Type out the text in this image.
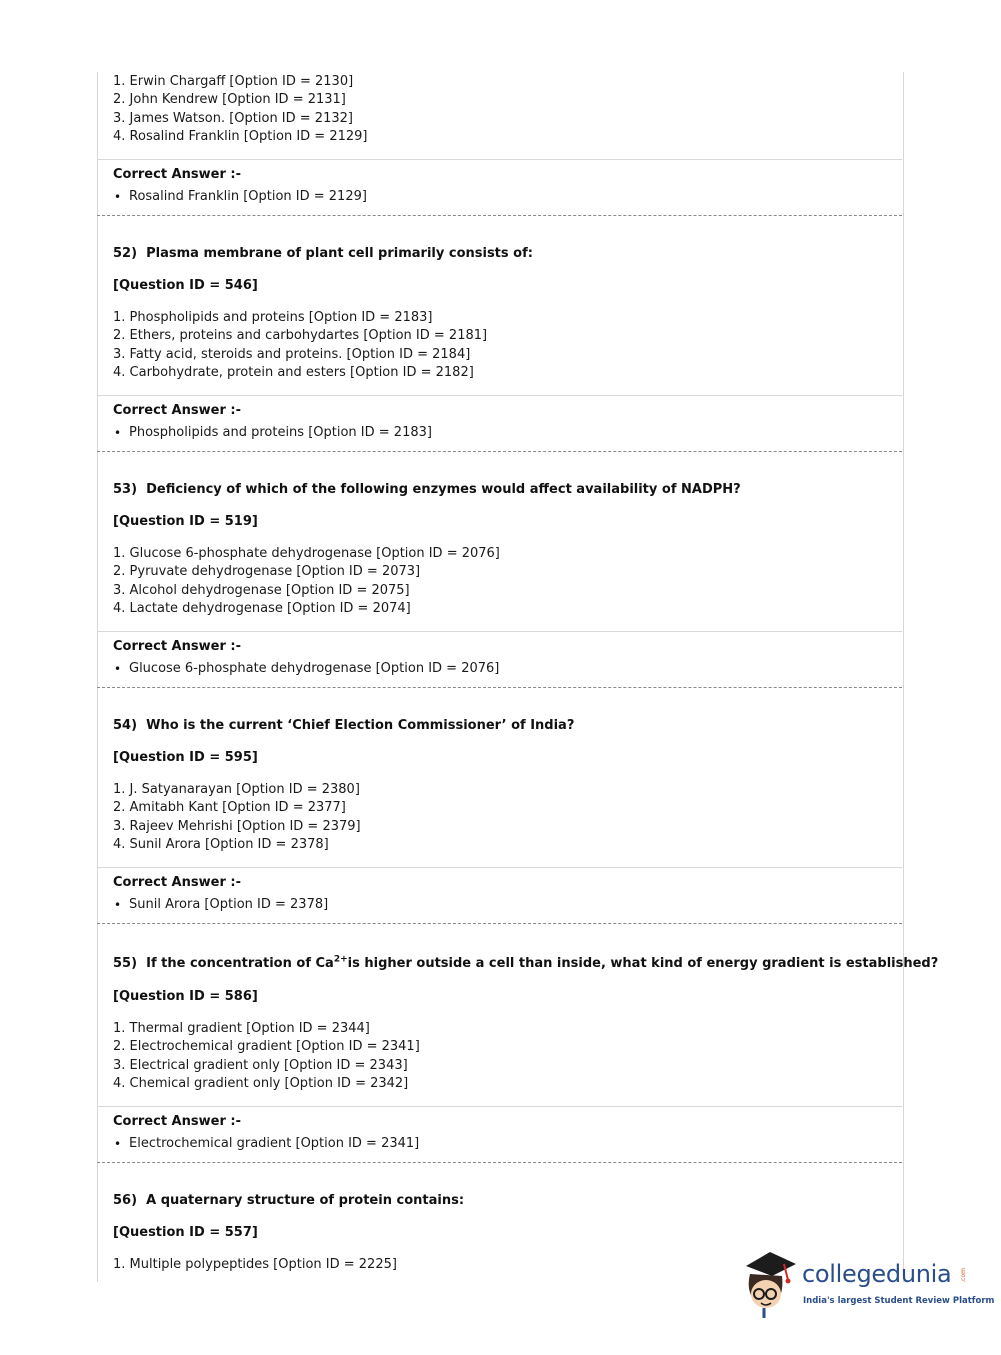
1. Erwin Chargaff [Option ID = 2130]
2. John Kendrew [Option ID = 2131]
3. James Watson. [Option ID = 2132]
4. Rosalind Franklin [Option ID = 2129]
Correct Answer :-
• Rosalind Franklin [Option ID = 2129]
52) Plasma membrane of plant cell primarily consists of:
[Question ID = 546]
1. Phospholipids and proteins [Option ID = 2183]
2. Ethers, proteins and carbohydartes [Option ID = 2181]
3. Fatty acid, steroids and proteins. [Option ID = 2184]
4. Carbohydrate, protein and esters [Option ID = 2182]
Correct Answer :-
• Phospholipids and proteins [Option ID = 2183]
53) Deficiency of which of the following enzymes would affect availability of NADPH?
[Question ID = 519]
1. Glucose 6-phosphate dehydrogenase [Option ID = 2076]
2. Pyruvate dehydrogenase [Option ID = 2073]
3. Alcohol dehydrogenase [Option ID = 2075]
4. Lactate dehydrogenase [Option ID = 2074]
Correct Answer :-
• Glucose 6-phosphate dehydrogenase [Option ID = 2076]
54) Who is the current ‘Chief Election Commissioner’ of India?
[Question ID = 595]
1. J. Satyanarayan [Option ID = 2380]
2. Amitabh Kant [Option ID = 2377]
3. Rajeev Mehrishi [Option ID = 2379]
4. Sunil Arora [Option ID = 2378]
Correct Answer :-
• Sunil Arora [Option ID = 2378]
55) If the concentration of $Ca^{2+}is$ higher outside a cell than inside, what kind of energy gradient is established?
[Question ID = 586]
1. Thermal gradient [Option ID = 2344]
2. Electrochemical gradient [Option ID = 2341]
3. Electrical gradient only [Option ID = 2343]
4. Chemical gradient only [Option ID = 2342]
Correct Answer :-
• Electrochemical gradient [Option ID = 2341]
56) A quaternary structure of protein contains:
[Question ID = 557]
1. Multiple polypeptides [Option ID = 2225]	collegedunia .com
India's largest Student Review Platform
